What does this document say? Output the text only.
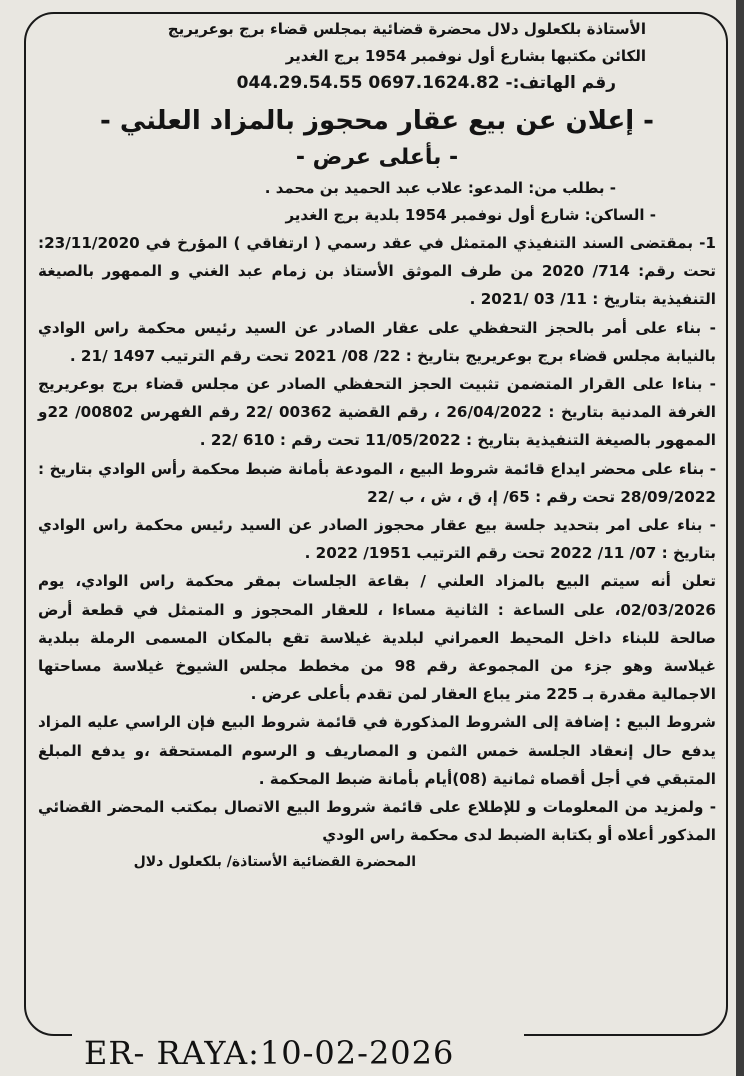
الأستاذة بلكعلول دلال محضرة قضائية بمجلس قضاء برج بوعريريج
الكائن مكتبها بشارع أول نوفمبر 1954 برج الغدير
رقم الهاتف:- 0697.1624.82 044.29.54.55
- إعلان عن بيع عقار محجوز بالمزاد العلني -
- بأعلى عرض -
- بطلب من: المدعو: علاب عبد الحميد بن محمد .
- الساكن: شارع أول نوفمبر 1954 بلدية برج الغدير

1- بمقتضى السند التنفيذي المتمثل في عقد رسمي ( ارتفاقي ) المؤرخ في 23/11/2020: تحت رقم: 714/ 2020 من طرف الموثق الأستاذ بن زمام عبد الغني و الممهور بالصيغة التنفيذية بتاريخ : 11/ 03 /2021 .

- بناء على أمر بالحجز التحفظي على عقار الصادر عن السيد رئيس محكمة راس الوادي بالنيابة مجلس قضاء برج بوعريريج بتاريخ : 22/ 08/ 2021 تحت رقم الترتيب 1497 /21 .

- بناءا على القرار المتضمن تثبيت الحجز التحفظي الصادر عن مجلس قضاء برج بوعريريج الغرفة المدنية بتاريخ : 26/04/2022 ، رقم القضية 00362 /22 رقم الفهرس 00802/ 22و الممهور بالصيغة التنفيذية بتاريخ : 11/05/2022 تحت رقم : 610 /22 .

- بناء على محضر ايداع قائمة شروط البيع ، المودعة بأمانة ضبط محكمة رأس الوادي بتاريخ : 28/09/2022 تحت رقم : 65/ إ، ق ، ش ، ب /22

- بناء على امر بتحديد جلسة بيع عقار محجوز الصادر عن السيد رئيس محكمة راس الوادي بتاريخ : 07/ 11/ 2022 تحت رقم الترتيب 1951/ 2022 .

تعلن أنه سيتم البيع بالمزاد العلني / بقاعة الجلسات بمقر محكمة راس الوادي، يوم 02/03/2026، على الساعة : الثانية مساءا ، للعقار المحجوز و المتمثل في قطعة أرض صالحة للبناء داخل المحيط العمراني لبلدية غيلاسة تقع بالمكان المسمى الرملة ببلدية غيلاسة وهو جزء من المجموعة رقم 98 من مخطط مجلس الشيوخ غيلاسة مساحتها الاجمالية مقدرة بـ 225 متر يباع العقار لمن تقدم بأعلى عرض .

شروط البيع : إضافة إلى الشروط المذكورة في قائمة شروط البيع فإن الراسي عليه المزاد يدفع حال إنعقاد الجلسة خمس الثمن و المصاريف و الرسوم المستحقة ،و يدفع المبلغ المتبقي في أجل أقصاه ثمانية (08)أيام بأمانة ضبط المحكمة .

- ولمزيد من المعلومات و للإطلاع على قائمة شروط البيع الاتصال بمكتب المحضر القضائي المذكور أعلاه أو بكتابة الضبط لدى محكمة راس الودي

المحضرة القضائية الأستاذة/ بلكعلول دلال
ER- RAYA:10-02-2026
